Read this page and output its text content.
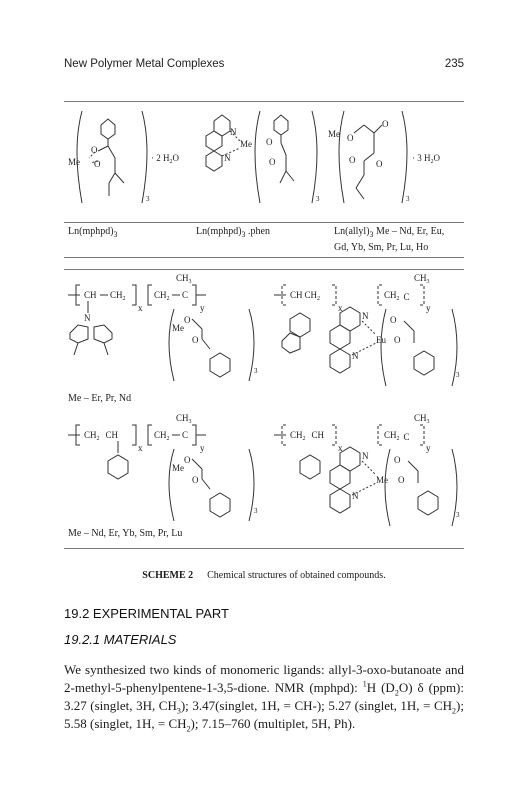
New Polymer Metal Complexes	235
O
O
Me
3
· 2 $H_2O$
N
N
Me O
O
3
Me
O
O
O O
3
· 3 $H_2O$
$Ln(mphpd)_3$	$Ln(mphpd)_3$ .phen	$Ln(allyl)_3$ Me – Nd, Er, Eu,
Gd, Yb, Sm, Pr, Lu, Ho
CH $CH_2$
x
$CH_2$ C
$CH_3$
y
N
Me
O
O
3
Me – Er, Pr, Nd
CH $CH_2$
x
$CH_2$ C
$CH_3$
y
N
N
Eu
O
O
3
$CH_2$ CH
x
$CH_2$ C
$CH_3$
y
Me
O
O
3
$CH_2$ CH
x
$CH_2$ C
$CH_3$
y
N
N
Me
O
O
3
Me – Nd, Er, Yb, Sm, Pr, Lu
SCHEME 2 Chemical structures of obtained compounds.
19.2 EXPERIMENTAL PART
19.2.1 MATERIALS
We synthesized two kinds of monomeric ligands: allyl-3-oxo-butanoate and 2-methyl-5-phenylpentene-1-3,5-dione. NMR (mphpd): $^1$H $(D_2O)$ δ (ppm): 3.27 (singlet, 3H, $CH_3$); 3.47(singlet, 1H, = CH-); 5.27 (singlet, 1H, = $CH_2$); 5.58 (singlet, 1H, = $CH_2$); 7.15–760 (multiplet, 5H, Ph).
